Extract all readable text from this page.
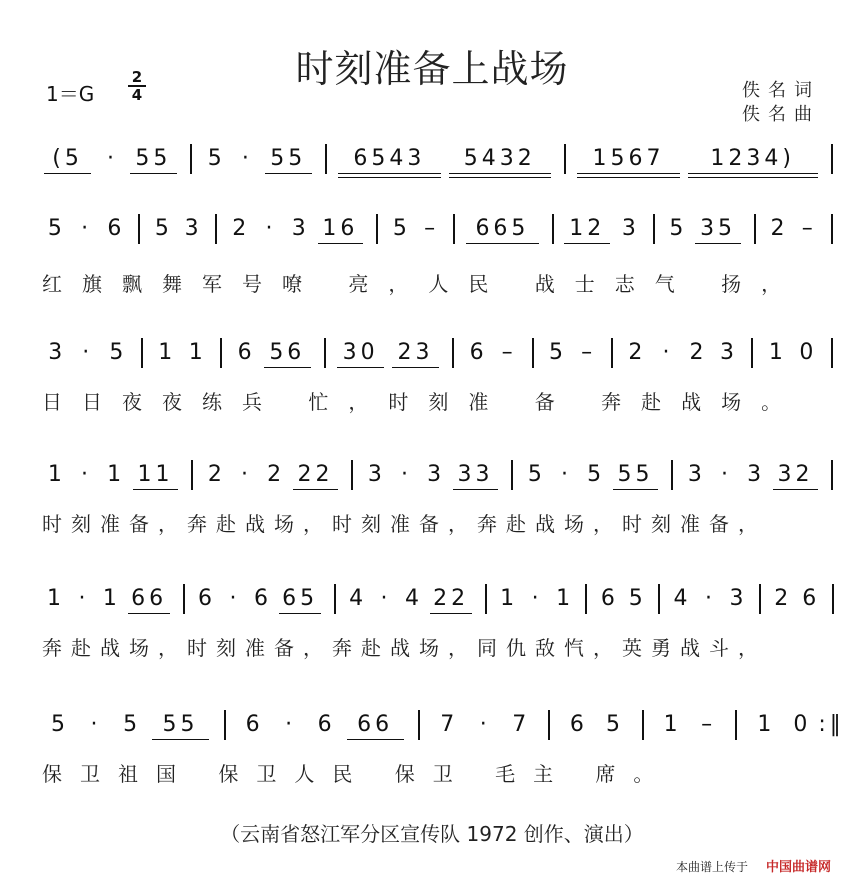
时刻准备上战场
1＝G
2
4	佚名词
佚名曲
(5	· 55	5 · 55	6543	5432	1567	1234)
5 · 6	5 3	2 · 3 16	5 –	665	12 3	5 35	2 –
红旗飘舞军号嘹 亮，人民 战士志气 扬，
3 · 5	1 1	6 56	30 23	6 –	5 –	2 · 2 3	1 0
日日夜夜练兵 忙，时刻准 备 奔赴战场。
1 · 1 11	2 · 2 22	3 · 3 33	5 · 5 55	3 · 3 32
时刻准备，奔赴战场，时刻准备，奔赴战场，时刻准备，
1 · 1 66	6 · 6 65	4 · 4 22	1 · 1	6 5	4 · 3	2 6
奔赴战场，时刻准备，奔赴战场，同仇敌忾，英勇战斗，
5	·	5	55	6	·	6	66	7	·	7	6	5	1	–	1	0 :‖
保卫祖国 保卫人民 保卫 毛主 席。
（云南省怒江军分区宣传队 1972 创作、演出）
本曲谱上传于 中国曲谱网
